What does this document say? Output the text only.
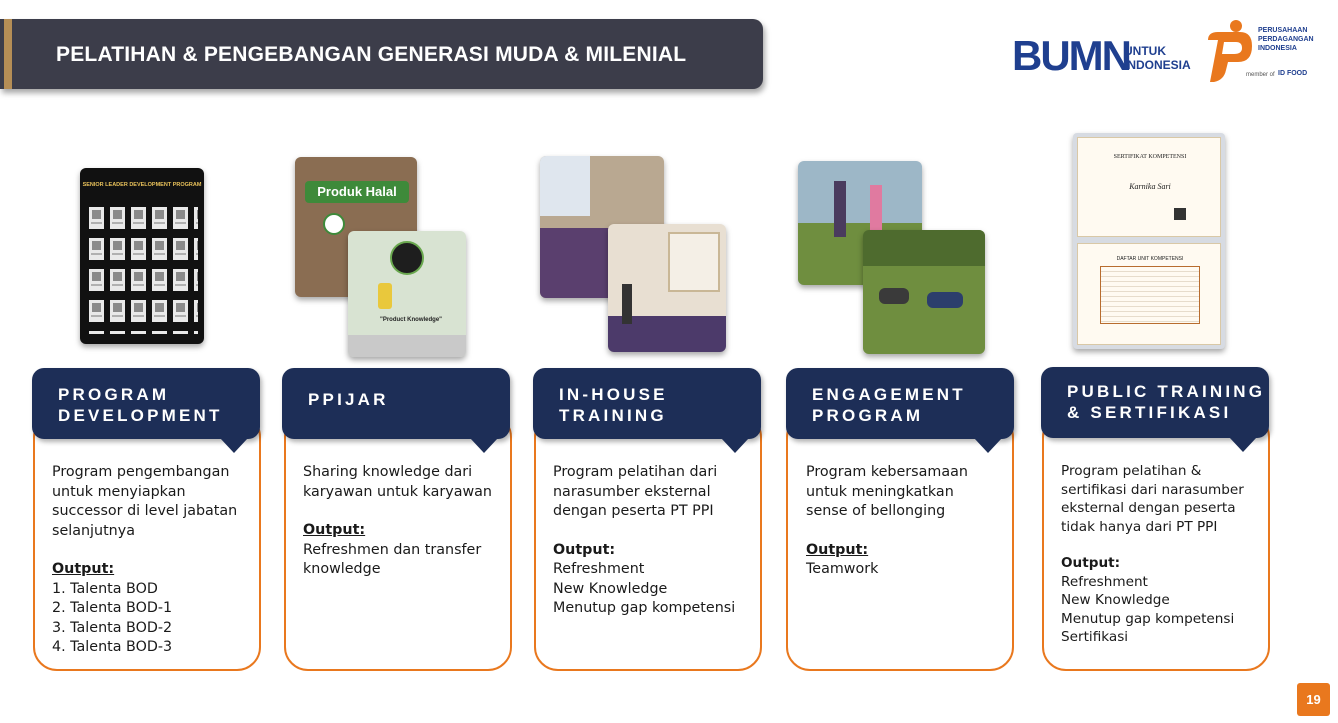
PELATIHAN & PENGEBANGAN GENERASI MUDA & MILENIAL	BUMN
UNTUK
INDONESIA
PERUSAHAAN
PERDAGANGAN
INDONESIA
member of ID FOOD
SENIOR LEADER DEVELOPMENT PROGRAM	Produk Halal
"Product Knowledge"
SERTIFIKAT KOMPETENSI
Karnika Sari
DAFTAR UNIT KOMPETENSI
PROGRAM
DEVELOPMENT
Program pengembangan
untuk menyiapkan
successor di level jabatan
selanjutnya
Output:
1. Talenta BOD
2. Talenta BOD-1
3. Talenta BOD-2
4. Talenta BOD-3
PPIJAR
Sharing knowledge dari
karyawan untuk karyawan
Output:
Refreshmen dan transfer
knowledge
IN-HOUSE
TRAINING
Program pelatihan dari
narasumber eksternal
dengan peserta PT PPI
Output:
Refreshment
New Knowledge
Menutup gap kompetensi
ENGAGEMENT
PROGRAM
Program kebersamaan
untuk meningkatkan
sense of bellonging
Output:
Teamwork
PUBLIC TRAINING
& SERTIFIKASI
Program pelatihan &
sertifikasi dari narasumber
eksternal dengan peserta
tidak hanya dari PT PPI
Output:
Refreshment
New Knowledge
Menutup gap kompetensi
Sertifikasi
19
